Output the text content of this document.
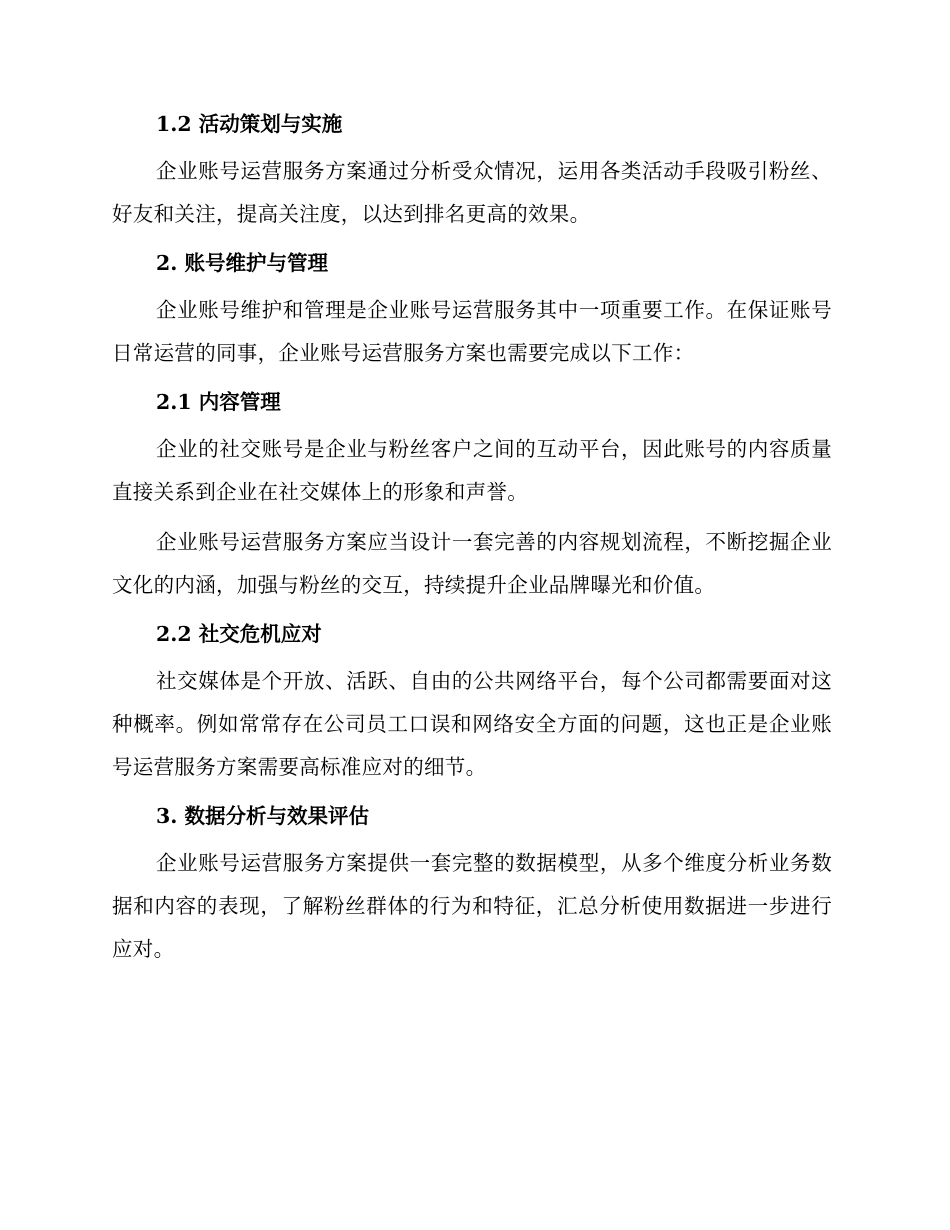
1.2 活动策划与实施

企业账号运营服务方案通过分析受众情况，运用各类活动手段吸引粉丝、好友和关注，提高关注度，以达到排名更高的效果。

2. 账号维护与管理

企业账号维护和管理是企业账号运营服务其中一项重要工作。在保证账号日常运营的同事，企业账号运营服务方案也需要完成以下工作：

2.1 内容管理

企业的社交账号是企业与粉丝客户之间的互动平台，因此账号的内容质量直接关系到企业在社交媒体上的形象和声誉。

企业账号运营服务方案应当设计一套完善的内容规划流程，不断挖掘企业文化的内涵，加强与粉丝的交互，持续提升企业品牌曝光和价值。

2.2 社交危机应对

社交媒体是个开放、活跃、自由的公共网络平台，每个公司都需要面对这种概率。例如常常存在公司员工口误和网络安全方面的问题，这也正是企业账号运营服务方案需要高标准应对的细节。

3. 数据分析与效果评估

企业账号运营服务方案提供一套完整的数据模型，从多个维度分析业务数据和内容的表现，了解粉丝群体的行为和特征，汇总分析使用数据进一步进行应对。
